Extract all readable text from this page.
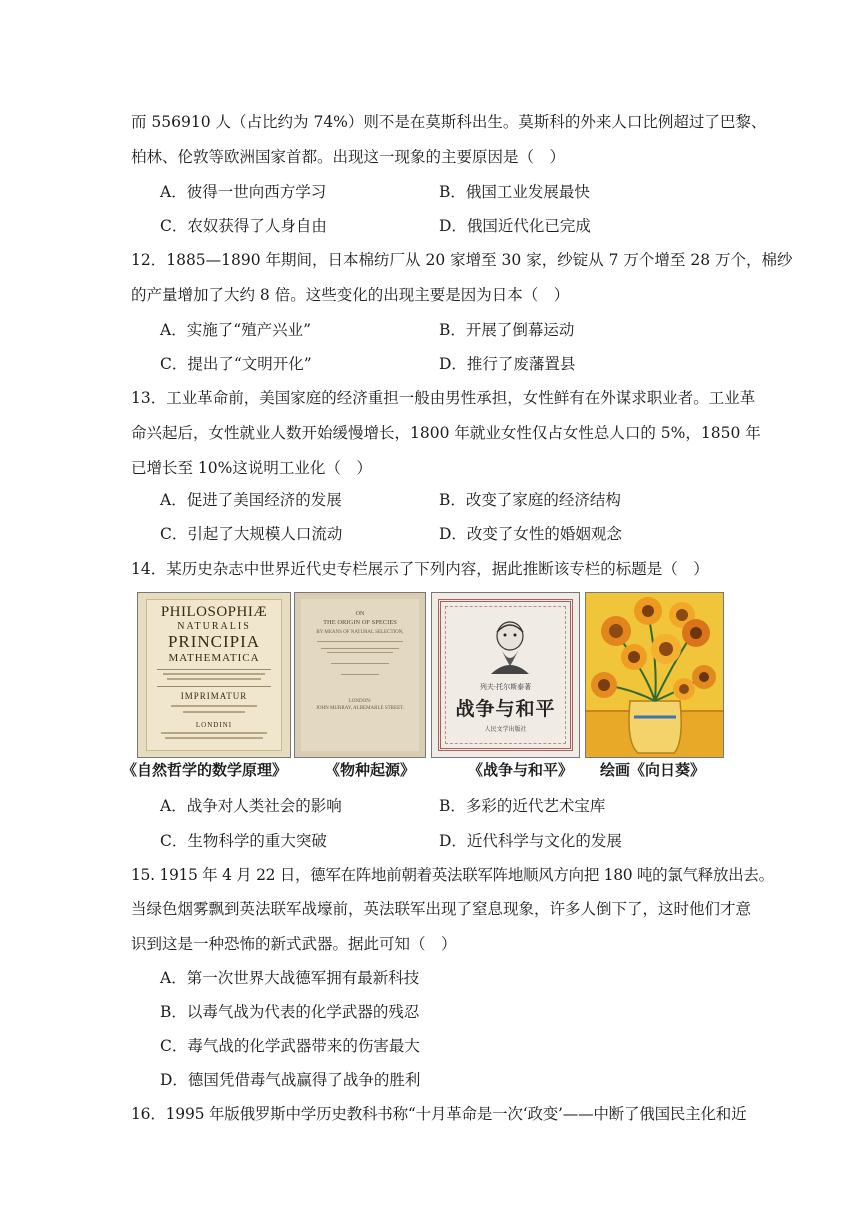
而 556910 人（占比约为 74%）则不是在莫斯科出生。莫斯科的外来人口比例超过了巴黎、
柏林、伦敦等欧洲国家首都。出现这一现象的主要原因是（　）
A．彼得一世向西方学习	B．俄国工业发展最快
C．农奴获得了人身自由	D．俄国近代化已完成
12．1885—1890 年期间，日本棉纺厂从 20 家增至 30 家，纱锭从 7 万个增至 28 万个，棉纱
的产量增加了大约 8 倍。这些变化的出现主要是因为日本（　）
A．实施了“殖产兴业”	B．开展了倒幕运动
C．提出了“文明开化”	D．推行了废藩置县
13．工业革命前，美国家庭的经济重担一般由男性承担，女性鲜有在外谋求职业者。工业革
命兴起后，女性就业人数开始缓慢增长，1800 年就业女性仅占女性总人口的 5%，1850 年
已增长至 10%这说明工业化（　）
A．促进了美国经济的发展	B．改变了家庭的经济结构
C．引起了大规模人口流动	D．改变了女性的婚姻观念
14．某历史杂志中世界近代史专栏展示了下列内容，据此推断该专栏的标题是（　）
PHILOSOPHIÆ
NATURALIS
PRINCIPIA
MATHEMATICA
IMPRIMATUR
LONDINI
ON
THE ORIGIN OF SPECIES
BY MEANS OF NATURAL SELECTION,
LONDON:
JOHN MURRAY, ALBEMARLE STREET.
列夫·托尔斯泰著
战争与和平
人民文学出版社
《自然哲学的数学原理》	《物种起源》	《战争与和平》 绘画《向日葵》
A．战争对人类社会的影响	B．多彩的近代艺术宝库
C．生物科学的重大突破	D．近代科学与文化的发展
15. 1915 年 4 月 22 日，德军在阵地前朝着英法联军阵地顺风方向把 180 吨的氯气释放出去。
当绿色烟雾飘到英法联军战壕前，英法联军出现了窒息现象，许多人倒下了，这时他们才意
识到这是一种恐怖的新式武器。据此可知（　）
A．第一次世界大战德军拥有最新科技
B．以毒气战为代表的化学武器的残忍
C．毒气战的化学武器带来的伤害最大
D．德国凭借毒气战赢得了战争的胜利
16．1995 年版俄罗斯中学历史教科书称“十月革命是一次‘政变’——中断了俄国民主化和近
